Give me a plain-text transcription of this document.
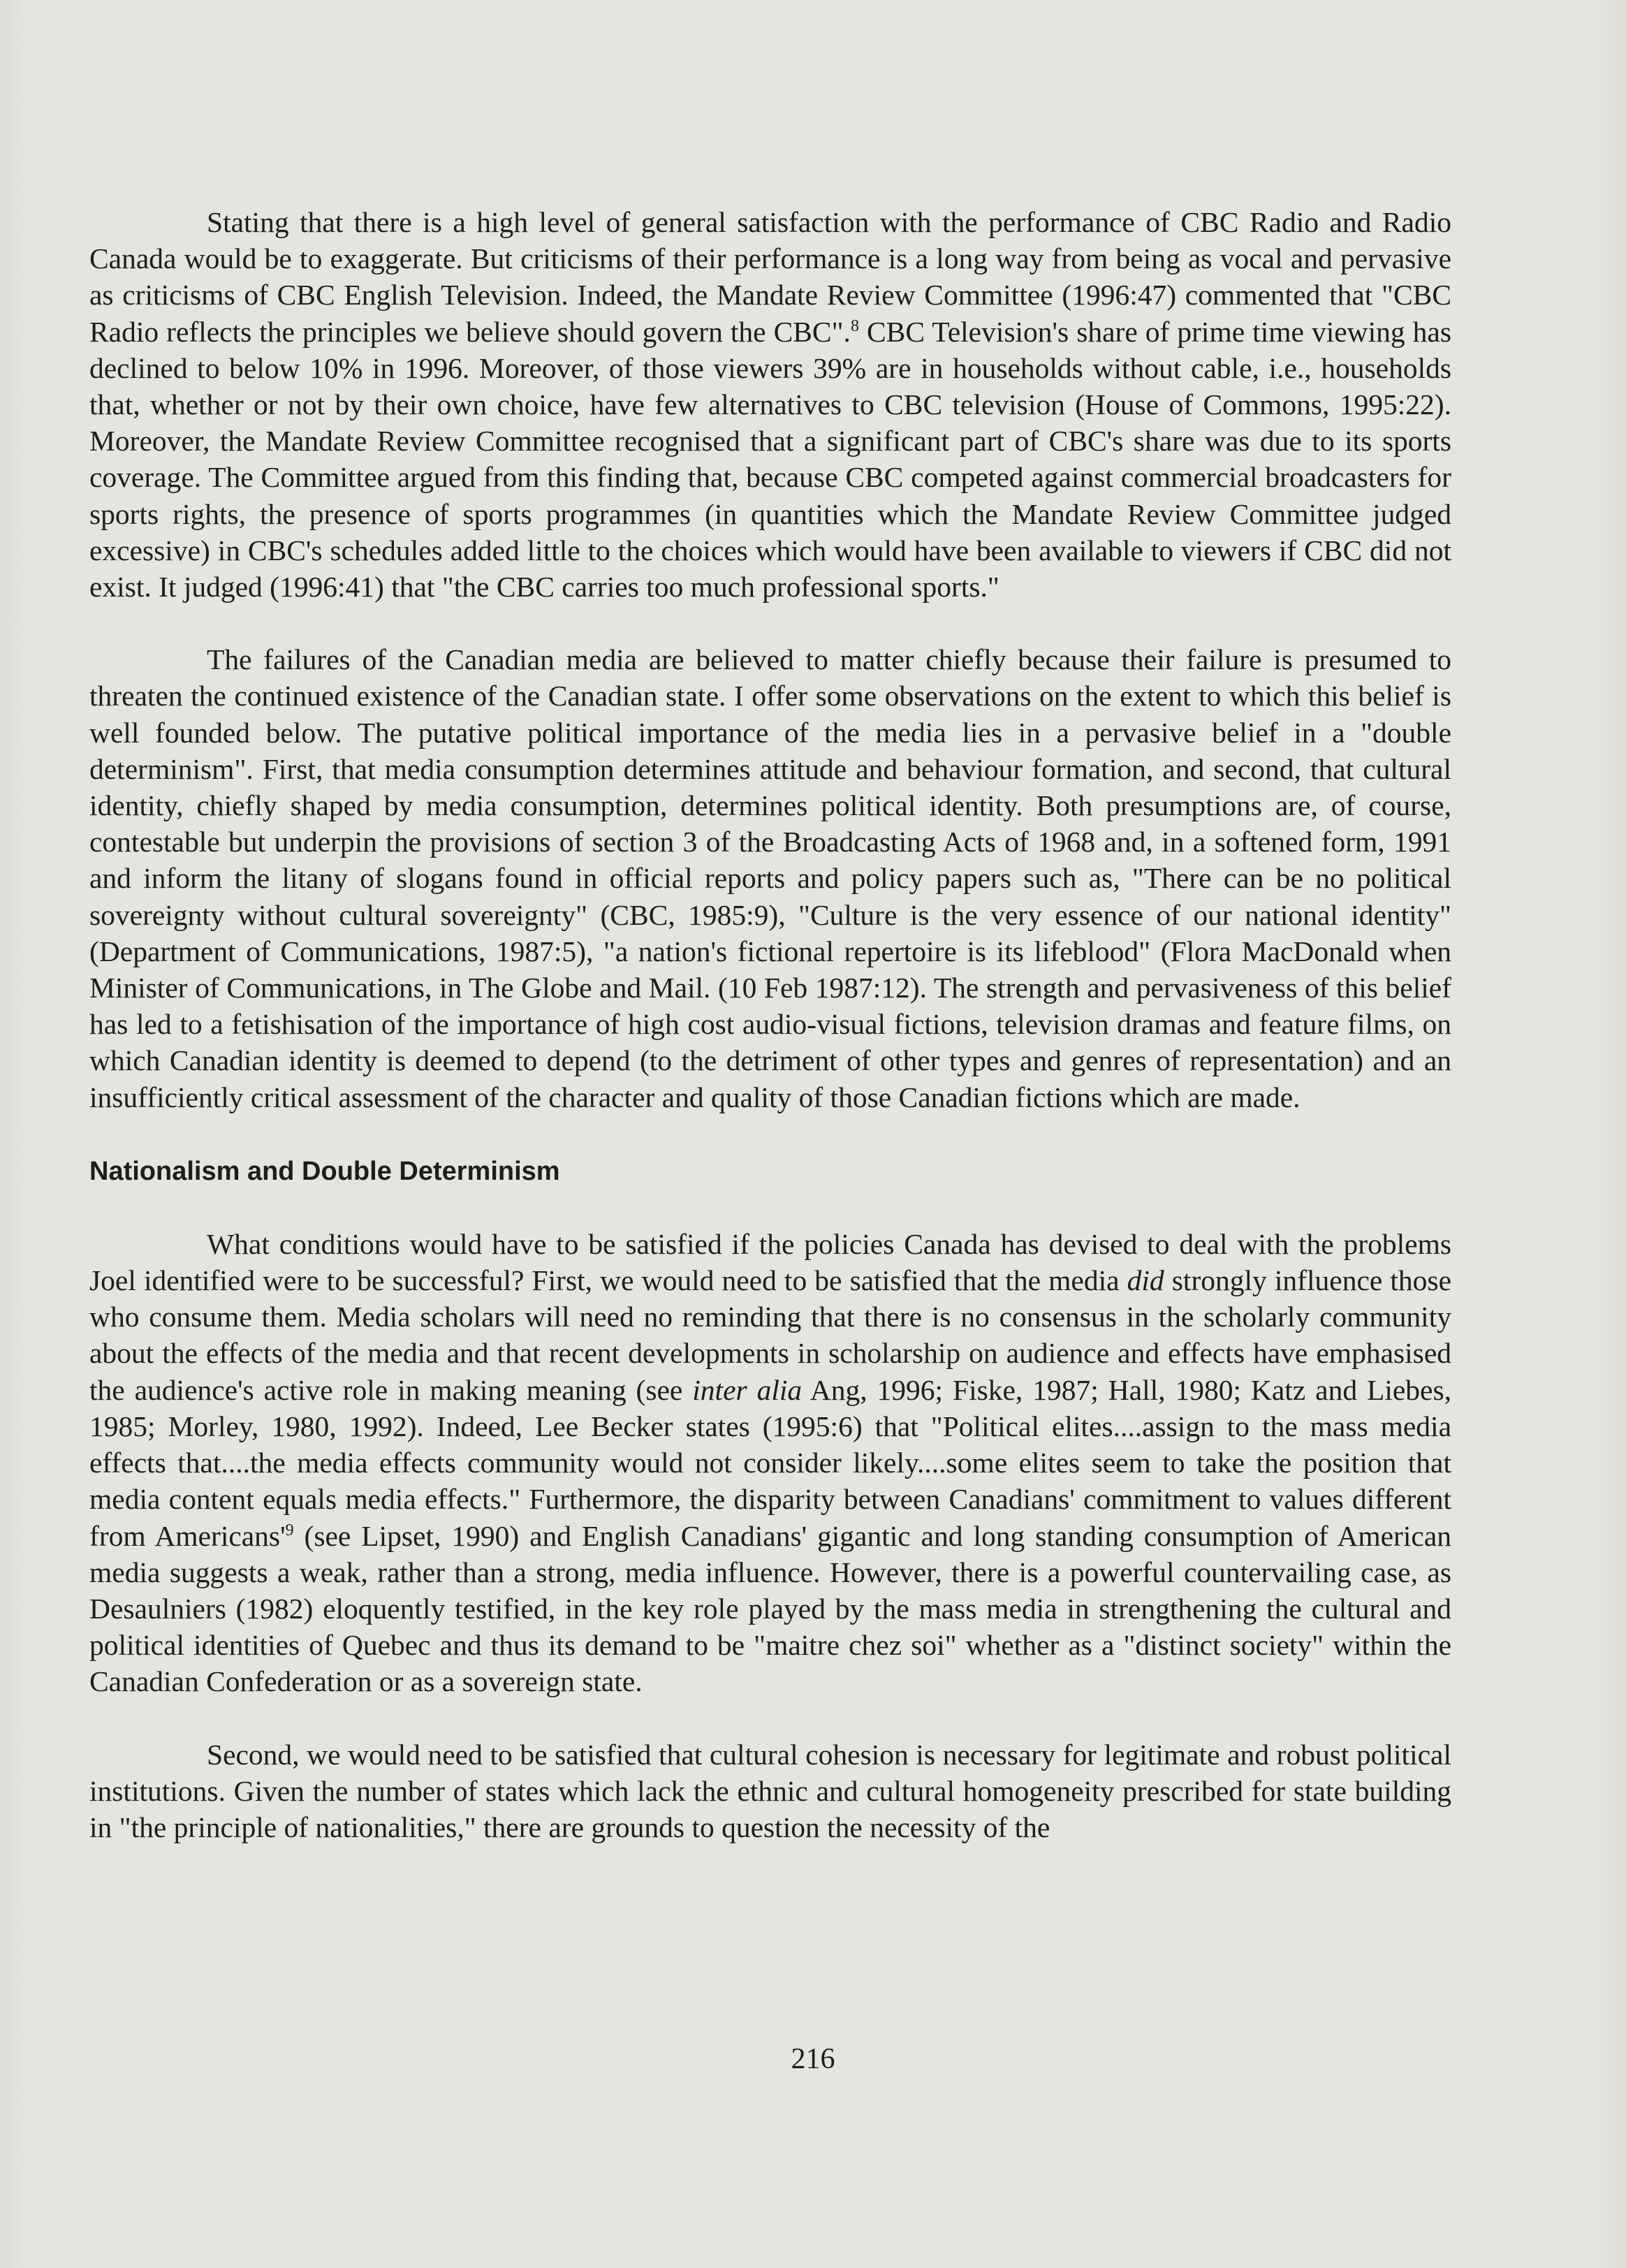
Stating that there is a high level of general satisfaction with the performance of CBC Radio and Radio Canada would be to exaggerate. But criticisms of their performance is a long way from being as vocal and pervasive as criticisms of CBC English Television. Indeed, the Mandate Review Committee (1996:47) commented that "CBC Radio reflects the principles we believe should govern the CBC".$^8$ CBC Television's share of prime time viewing has declined to below 10% in 1996. Moreover, of those viewers 39% are in households without cable, i.e., households that, whether or not by their own choice, have few alternatives to CBC television (House of Commons, 1995:22). Moreover, the Mandate Review Committee recognised that a significant part of CBC's share was due to its sports coverage. The Committee argued from this finding that, because CBC competed against commercial broadcasters for sports rights, the presence of sports programmes (in quantities which the Mandate Review Committee judged excessive) in CBC's schedules added little to the choices which would have been available to viewers if CBC did not exist. It judged (1996:41) that "the CBC carries too much professional sports."

The failures of the Canadian media are believed to matter chiefly because their failure is presumed to threaten the continued existence of the Canadian state. I offer some observations on the extent to which this belief is well founded below. The putative political importance of the media lies in a pervasive belief in a "double determinism". First, that media consumption determines attitude and behaviour formation, and second, that cultural identity, chiefly shaped by media consumption, determines political identity. Both presumptions are, of course, contestable but underpin the provisions of section 3 of the Broadcasting Acts of 1968 and, in a softened form, 1991 and inform the litany of slogans found in official reports and policy papers such as, "There can be no political sovereignty without cultural sovereignty" (CBC, 1985:9), "Culture is the very essence of our national identity" (Department of Communications, 1987:5), "a nation's fictional repertoire is its lifeblood" (Flora MacDonald when Minister of Communications, in The Globe and Mail. (10 Feb 1987:12). The strength and pervasiveness of this belief has led to a fetishisation of the importance of high cost audio-visual fictions, television dramas and feature films, on which Canadian identity is deemed to depend (to the detriment of other types and genres of representation) and an insufficiently critical assessment of the character and quality of those Canadian fictions which are made.

Nationalism and Double Determinism

What conditions would have to be satisfied if the policies Canada has devised to deal with the problems Joel identified were to be successful? First, we would need to be satisfied that the media did strongly influence those who consume them. Media scholars will need no reminding that there is no consensus in the scholarly community about the effects of the media and that recent developments in scholarship on audience and effects have emphasised the audience's active role in making meaning (see inter alia Ang, 1996; Fiske, 1987; Hall, 1980; Katz and Liebes, 1985; Morley, 1980, 1992). Indeed, Lee Becker states (1995:6) that "Political elites....assign to the mass media effects that....the media effects community would not consider likely....some elites seem to take the position that media content equals media effects." Furthermore, the disparity between Canadians' commitment to values different from Americans'$^9$ (see Lipset, 1990) and English Canadians' gigantic and long standing consumption of American media suggests a weak, rather than a strong, media influence. However, there is a powerful countervailing case, as Desaulniers (1982) eloquently testified, in the key role played by the mass media in strengthening the cultural and political identities of Quebec and thus its demand to be "maitre chez soi" whether as a "distinct society" within the Canadian Confederation or as a sovereign state.

Second, we would need to be satisfied that cultural cohesion is necessary for legitimate and robust political institutions. Given the number of states which lack the ethnic and cultural homogeneity prescribed for state building in "the principle of nationalities," there are grounds to question the necessity of the

216
